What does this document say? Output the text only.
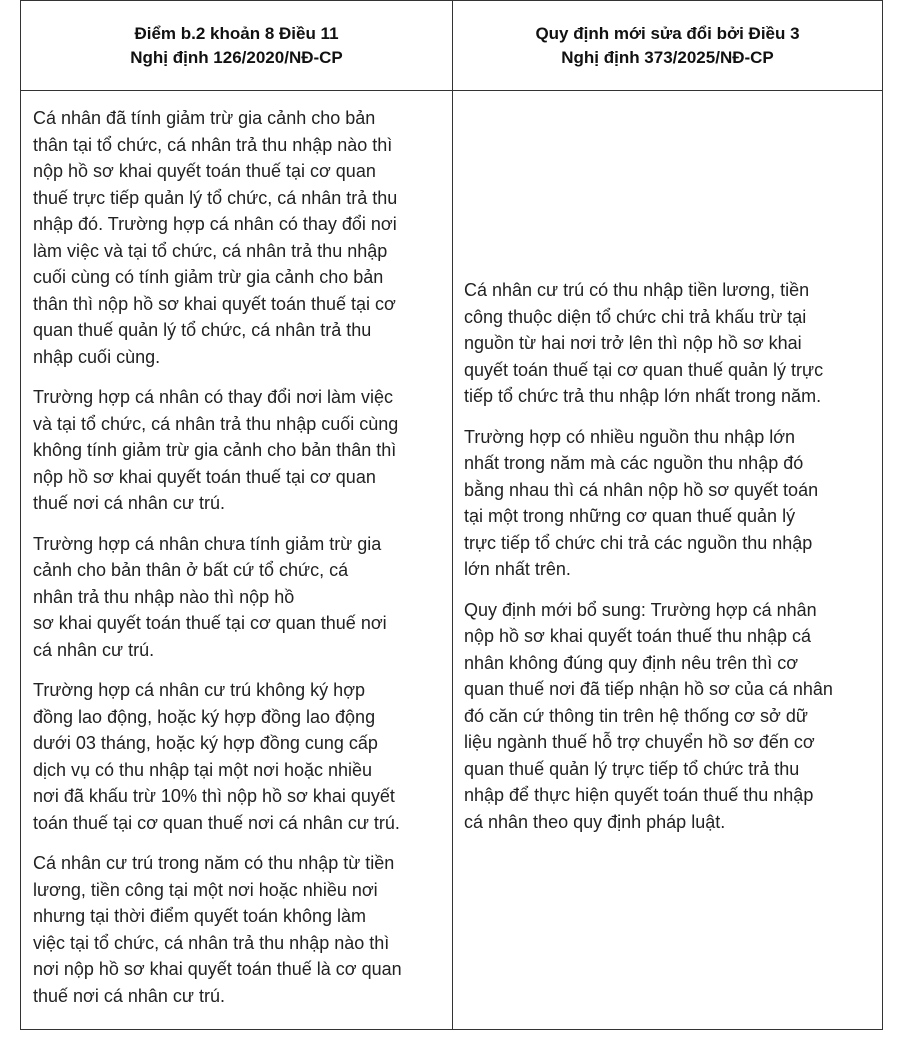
Điểm b.2 khoản 8 Điều 11
Nghị định 126/2020/NĐ-CP
Quy định mới sửa đổi bởi Điều 3
Nghị định 373/2025/NĐ-CP

Cá nhân đã tính giảm trừ gia cảnh cho bản
thân tại tổ chức, cá nhân trả thu nhập nào thì
nộp hồ sơ khai quyết toán thuế tại cơ quan
thuế trực tiếp quản lý tổ chức, cá nhân trả thu
nhập đó. Trường hợp cá nhân có thay đổi nơi
làm việc và tại tổ chức, cá nhân trả thu nhập
cuối cùng có tính giảm trừ gia cảnh cho bản
thân thì nộp hồ sơ khai quyết toán thuế tại cơ
quan thuế quản lý tổ chức, cá nhân trả thu
nhập cuối cùng.

Trường hợp cá nhân có thay đổi nơi làm việc
và tại tổ chức, cá nhân trả thu nhập cuối cùng
không tính giảm trừ gia cảnh cho bản thân thì
nộp hồ sơ khai quyết toán thuế tại cơ quan
thuế nơi cá nhân cư trú.

Trường hợp cá nhân chưa tính giảm trừ gia
cảnh cho bản thân ở bất cứ tổ chức, cá
nhân trả thu nhập nào thì nộp hồ
sơ khai quyết toán thuế tại cơ quan thuế nơi
cá nhân cư trú.

Trường hợp cá nhân cư trú không ký hợp
đồng lao động, hoặc ký hợp đồng lao động
dưới 03 tháng, hoặc ký hợp đồng cung cấp
dịch vụ có thu nhập tại một nơi hoặc nhiều
nơi đã khấu trừ 10% thì nộp hồ sơ khai quyết
toán thuế tại cơ quan thuế nơi cá nhân cư trú.

Cá nhân cư trú trong năm có thu nhập từ tiền
lương, tiền công tại một nơi hoặc nhiều nơi
nhưng tại thời điểm quyết toán không làm
việc tại tổ chức, cá nhân trả thu nhập nào thì
nơi nộp hồ sơ khai quyết toán thuế là cơ quan
thuế nơi cá nhân cư trú.

Cá nhân cư trú có thu nhập tiền lương, tiền
công thuộc diện tổ chức chi trả khấu trừ tại
nguồn từ hai nơi trở lên thì nộp hồ sơ khai
quyết toán thuế tại cơ quan thuế quản lý trực
tiếp tổ chức trả thu nhập lớn nhất trong năm.

Trường hợp có nhiều nguồn thu nhập lớn
nhất trong năm mà các nguồn thu nhập đó
bằng nhau thì cá nhân nộp hồ sơ quyết toán
tại một trong những cơ quan thuế quản lý
trực tiếp tổ chức chi trả các nguồn thu nhập
lớn nhất trên.

Quy định mới bổ sung: Trường hợp cá nhân
nộp hồ sơ khai quyết toán thuế thu nhập cá
nhân không đúng quy định nêu trên thì cơ
quan thuế nơi đã tiếp nhận hồ sơ của cá nhân
đó căn cứ thông tin trên hệ thống cơ sở dữ
liệu ngành thuế hỗ trợ chuyển hồ sơ đến cơ
quan thuế quản lý trực tiếp tổ chức trả thu
nhập để thực hiện quyết toán thuế thu nhập
cá nhân theo quy định pháp luật.
